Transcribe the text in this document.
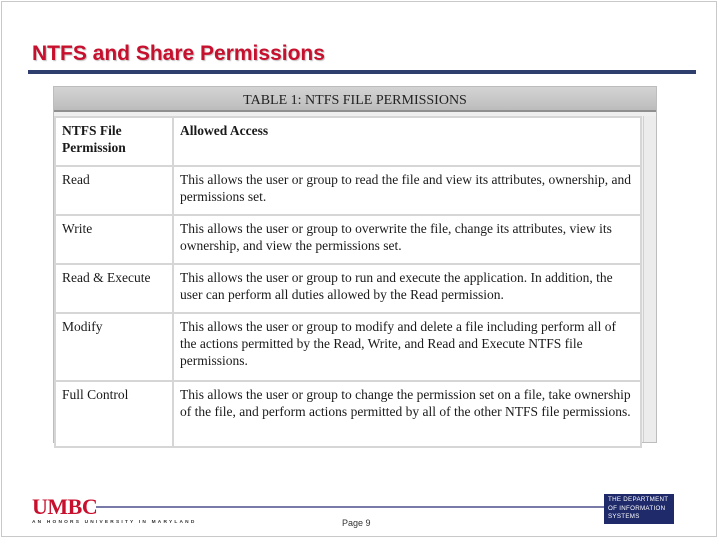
NTFS and Share Permissions
TABLE 1: NTFS FILE PERMISSIONS
NTFS File Permission	Allowed Access
Read	This allows the user or group to read the file and view its attributes, ownership, and permissions set.
Write	This allows the user or group to overwrite the file, change its attributes, view its ownership, and view the permissions set.
Read & Execute	This allows the user or group to run and execute the application. In addition, the user can perform all duties allowed by the Read permission.
Modify	This allows the user or group to modify and delete a file including perform all of the actions permitted by the Read, Write, and Read and Execute NTFS file permissions.
Full Control	This allows the user or group to change the permission set on a file, take ownership of the file, and perform actions permitted by all of the other NTFS file permissions.
UMBC
AN HONORS UNIVERSITY IN MARYLAND	Page 9
THE DEPARTMENT
OF INFORMATION
SYSTEMS
